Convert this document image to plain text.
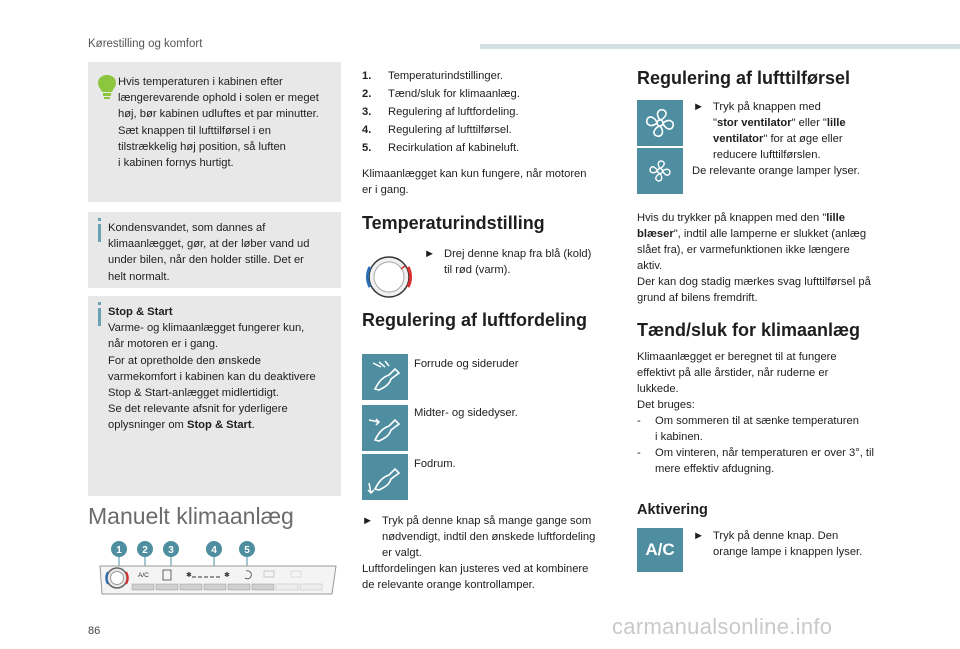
Kørestilling og komfort

Hvis temperaturen i kabinen efter

længerevarende ophold i solen er meget

høj, bør kabinen udluftes et par minutter.

Sæt knappen til lufttilførsel i en

tilstrækkelig høj position, så luften

i kabinen fornys hurtigt.

Kondensvandet, som dannes af

klimaanlægget, gør, at der løber vand ud

under bilen, når den holder stille. Det er

helt normalt.

Stop & Start

Varme- og klimaanlægget fungerer kun,

når motoren er i gang.

For at opretholde den ønskede

varmekomfort i kabinen kan du deaktivere

Stop & Start-anlægget midlertidigt.

Se det relevante afsnit for yderligere

oplysninger om Stop & Start.

Manuelt klimaanlæg
1 2 3	4	5
A/C	✱	✱
1.	Temperaturindstillinger.
2.	Tænd/sluk for klimaanlæg.
3.	Regulering af luftfordeling.
4.	Regulering af lufttilførsel.
5.	Recirkulation af kabineluft.
Klimaanlægget kan kun fungere, når motoren
er i gang.
Temperaturindstilling
► Drej denne knap fra blå (kold)
til rød (varm).
Regulering af luftfordeling
Forrude og sideruder
Midter- og sidedyser.
Fodrum.
► Tryk på denne knap så mange gange som
nødvendigt, indtil den ønskede luftfordeling
er valgt.
Luftfordelingen kan justeres ved at kombinere
de relevante orange kontrollamper.
Regulering af lufttilførsel
► Tryk på knappen med
"stor ventilator" eller "lille
ventilator" for at øge eller
reducere lufttilførslen.
De relevante orange lamper lyser.
Hvis du trykker på knappen med den "lille
blæser", indtil alle lamperne er slukket (anlæg
slået fra), er varmefunktionen ikke længere
aktiv.
Der kan dog stadig mærkes svag lufttilførsel på
grund af bilens fremdrift.
Tænd/sluk for klimaanlæg
Klimaanlægget er beregnet til at fungere
effektivt på alle årstider, når ruderne er
lukkede.
Det bruges:
-	Om sommeren til at sænke temperaturen
i kabinen.
-	Om vinteren, når temperaturen er over 3°, til
mere effektiv afdugning.
Aktivering
A/C
► Tryk på denne knap. Den
orange lampe i knappen lyser.
86	carmanualsonline.info
